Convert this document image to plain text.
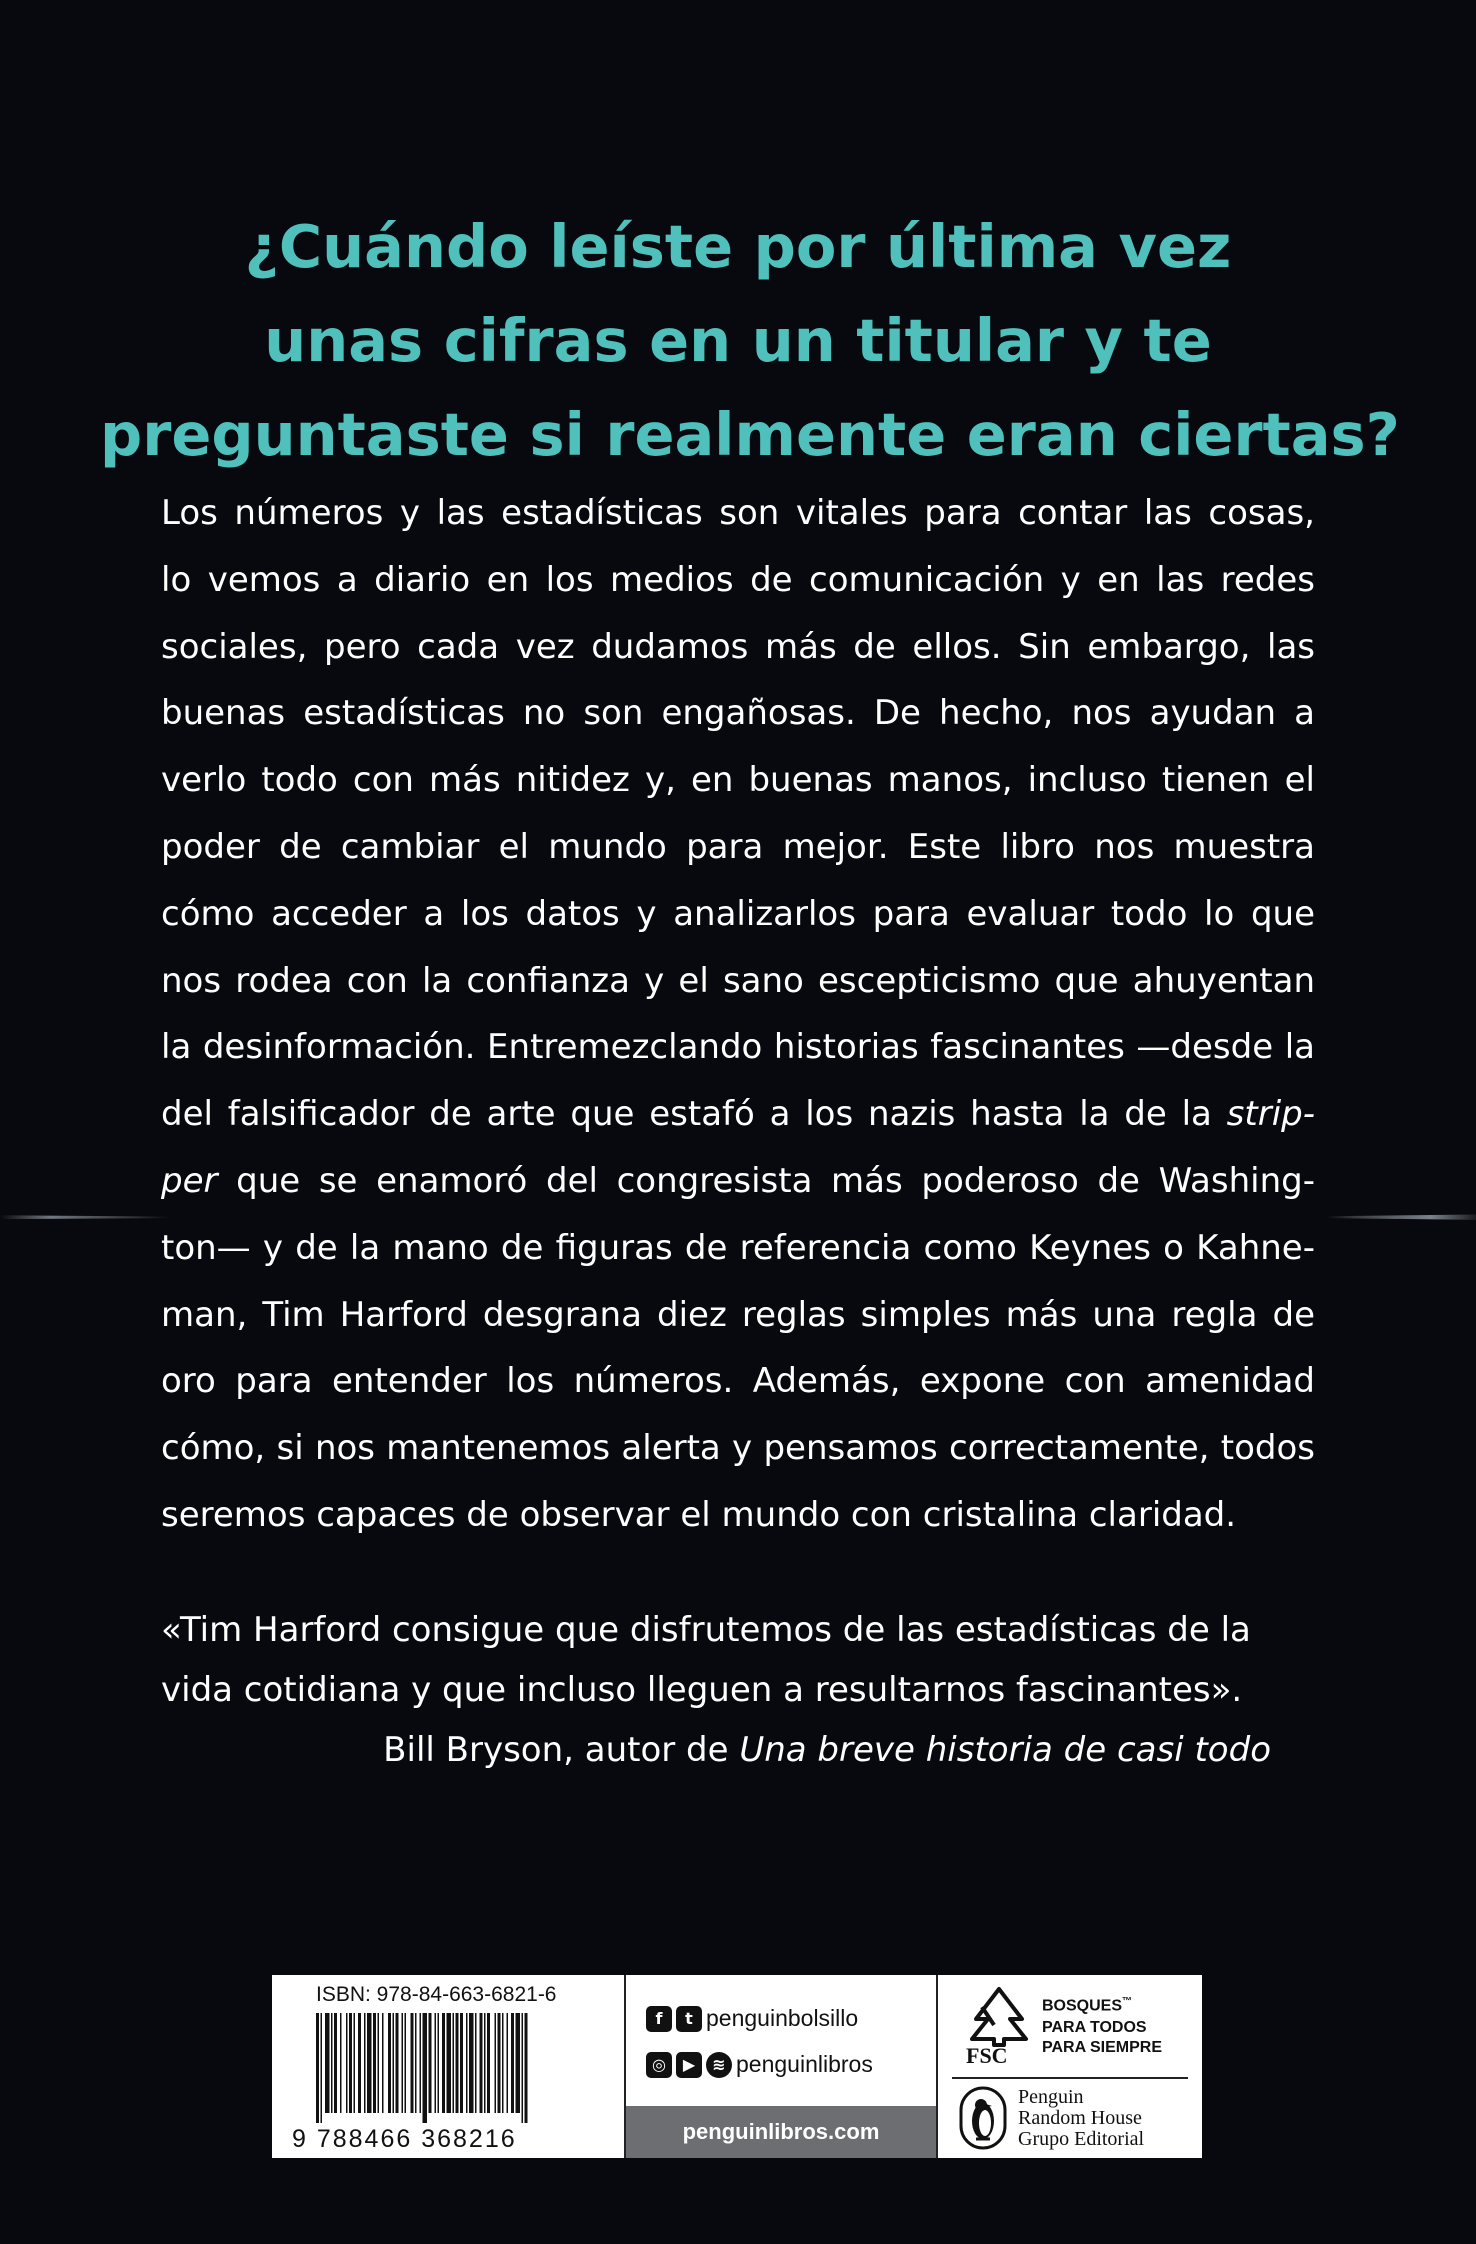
¿Cuándo leíste por última vez
unas cifras en un titular y te
preguntaste si realmente eran ciertas?
Los números y las estadísticas son vitales para contar las cosas,
lo vemos a diario en los medios de comunicación y en las redes
sociales, pero cada vez dudamos más de ellos. Sin embargo, las
buenas estadísticas no son engañosas. De hecho, nos ayudan a
verlo todo con más nitidez y, en buenas manos, incluso tienen el
poder de cambiar el mundo para mejor. Este libro nos muestra
cómo acceder a los datos y analizarlos para evaluar todo lo que
nos rodea con la confianza y el sano escepticismo que ahuyentan
la desinformación. Entremezclando historias fascinantes —desde la
del falsificador de arte que estafó a los nazis hasta la de la strip-
per que se enamoró del congresista más poderoso de Washing-
ton— y de la mano de figuras de referencia como Keynes o Kahne-
man, Tim Harford desgrana diez reglas simples más una regla de
oro para entender los números. Además, expone con amenidad
cómo, si nos mantenemos alerta y pensamos correctamente, todos
seremos capaces de observar el mundo con cristalina claridad.
«Tim Harford consigue que disfrutemos de las estadísticas de la
vida cotidiana y que incluso lleguen a resultarnos fascinantes».
Bill Bryson, autor de Una breve historia de casi todo
ISBN: 978-84-663-6821-6
9 788466 368216
f	t penguinbolsillo
◎	▶	≋ penguinlibros
penguinlibros.com
FSC
BOSQUES™
PARA TODOS
PARA SIEMPRE
Penguin
Random House
Grupo Editorial
